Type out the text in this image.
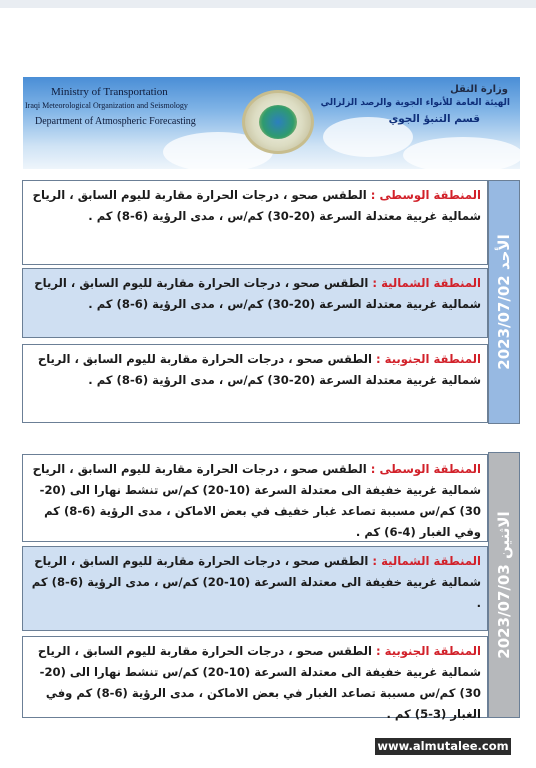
Ministry of Transportation
Iraqi Meteorological Organization and Seismology
Department of Atmospheric Forecasting
وزارة النقل
الهيئة العامة للأنواء الجوية والرصد الزلزالي
قسم التنبؤ الجوي
2023/07/02 الأحد
المنطقة الوسطى : الطقس صحو ، درجات الحرارة مقاربة لليوم السابق ، الرياح شمالية غربية معتدلة السرعة (20-30) كم/س ، مدى الرؤية (6-8) كم .
المنطقة الشمالية : الطقس صحو ، درجات الحرارة مقاربة لليوم السابق ، الرياح شمالية غربية معتدلة السرعة (20-30) كم/س ، مدى الرؤية (6-8) كم .
المنطقة الجنوبية : الطقس صحو ، درجات الحرارة مقاربة لليوم السابق ، الرياح شمالية غربية معتدلة السرعة (20-30) كم/س ، مدى الرؤية (6-8) كم .
2023/07/03 الاثنين
المنطقة الوسطى : الطقس صحو ، درجات الحرارة مقاربة لليوم السابق ، الرياح شمالية غربية خفيفة الى معتدلة السرعة (10-20) كم/س تنشط نهارا الى (20-30) كم/س مسببة تصاعد غبار خفيف في بعض الاماكن ، مدى الرؤية (6-8) كم وفي الغبار (4-6) كم .
المنطقة الشمالية : الطقس صحو ، درجات الحرارة مقاربة لليوم السابق ، الرياح شمالية غربية خفيفة الى معتدلة السرعة (10-20) كم/س ، مدى الرؤية (6-8) كم .
المنطقة الجنوبية : الطقس صحو ، درجات الحرارة مقاربة لليوم السابق ، الرياح شمالية غربية خفيفة الى معتدلة السرعة (10-20) كم/س تنشط نهارا الى (20-30) كم/س مسببة تصاعد الغبار في بعض الاماكن ، مدى الرؤية (6-8) كم وفي الغبار (3-5) كم .
www.almutalee.com
